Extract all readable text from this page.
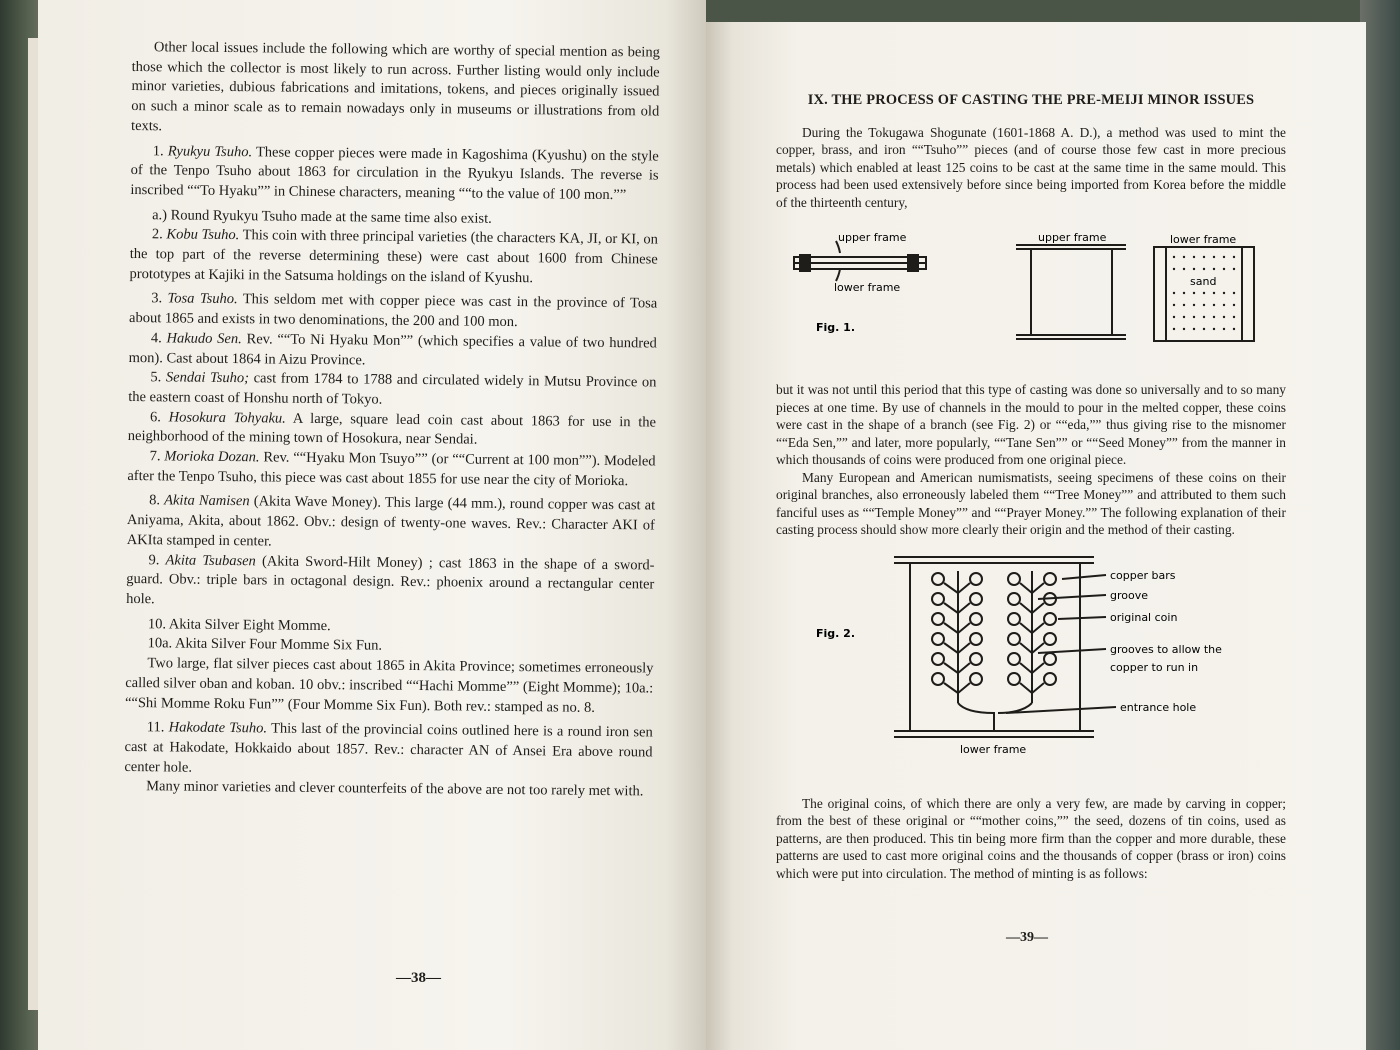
Other local issues include the following which are worthy of special mention as being those which the collector is most likely to run across. Further listing would only include minor varieties, dubious fabrications and imitations, tokens, and pieces originally issued on such a minor scale as to remain nowadays only in museums or illustrations from old texts.

1. Ryukyu Tsuho. These copper pieces were made in Kagoshima (Kyushu) on the style of the Tenpo Tsuho about 1863 for circulation in the Ryukyu Islands. The reverse is inscribed ““To Hyaku”” in Chinese characters, meaning ““to the value of 100 mon.””

a.) Round Ryukyu Tsuho made at the same time also exist.

2. Kobu Tsuho. This coin with three principal varieties (the characters KA, JI, or KI, on the top part of the reverse determining these) were cast about 1600 from Chinese prototypes at Kajiki in the Satsuma holdings on the island of Kyushu.

3. Tosa Tsuho. This seldom met with copper piece was cast in the province of Tosa about 1865 and exists in two denominations, the 200 and 100 mon.

4. Hakudo Sen. Rev. ““To Ni Hyaku Mon”” (which specifies a value of two hundred mon). Cast about 1864 in Aizu Province.

5. Sendai Tsuho; cast from 1784 to 1788 and circulated widely in Mutsu Province on the eastern coast of Honshu north of Tokyo.

6. Hosokura Tohyaku. A large, square lead coin cast about 1863 for use in the neighborhood of the mining town of Hosokura, near Sendai.

7. Morioka Dozan. Rev. ““Hyaku Mon Tsuyo”” (or ““Current at 100 mon””). Modeled after the Tenpo Tsuho, this piece was cast about 1855 for use near the city of Morioka.

8. Akita Namisen (Akita Wave Money). This large (44 mm.), round copper was cast at Aniyama, Akita, about 1862. Obv.: design of twenty-one waves. Rev.: Character AKI of AKIta stamped in center.

9. Akita Tsubasen (Akita Sword-Hilt Money) ; cast 1863 in the shape of a sword-guard. Obv.: triple bars in octagonal design. Rev.: phoenix around a rectangular center hole.

10. Akita Silver Eight Momme.

10a. Akita Silver Four Momme Six Fun.

Two large, flat silver pieces cast about 1865 in Akita Province; sometimes erroneously called silver oban and koban. 10 obv.: inscribed ““Hachi Momme”” (Eight Momme); 10a.: ““Shi Momme Roku Fun”” (Four Momme Six Fun). Both rev.: stamped as no. 8.

11. Hakodate Tsuho. This last of the provincial coins outlined here is a round iron sen cast at Hakodate, Hokkaido about 1857. Rev.: character AN of Ansei Era above round center hole.

Many minor varieties and clever counterfeits of the above are not too rarely met with.

—38—

IX. THE PROCESS OF CASTING THE PRE-MEIJI MINOR ISSUES

During the Tokugawa Shogunate (1601-1868 A. D.), a method was used to mint the copper, brass, and iron ““Tsuho”” pieces (and of course those few cast in more precious metals) which enabled at least 125 coins to be cast at the same time in the same mould. This process had been used extensively before since being imported from Korea before the middle of the thirteenth century,

upper frame
lower frame
upper frame	lower frame
sand
Fig. 1.

but it was not until this period that this type of casting was done so universally and to so many pieces at one time. By use of channels in the mould to pour in the melted copper, these coins were cast in the shape of a branch (see Fig. 2) or ““eda,”” thus giving rise to the misnomer ““Eda Sen,”” and later, more popularly, ““Tane Sen”” or ““Seed Money”” from the manner in which thousands of coins were produced from one original piece.

Many European and American numismatists, seeing specimens of these coins on their original branches, also erroneously labeled them ““Tree Money”” and attributed to them such fanciful uses as ““Temple Money”” and ““Prayer Money.”” The following explanation of their casting process should show more clearly their origin and the method of their casting.

Fig. 2.
copper bars
groove
original coin
grooves to allow the
copper to run in
entrance hole
lower frame

The original coins, of which there are only a very few, are made by carving in copper; from the best of these original or ““mother coins,”” the seed, dozens of tin coins, used as patterns, are then produced. This tin being more firm than the copper and more durable, these patterns are used to cast more original coins and the thousands of copper (brass or iron) coins which were put into circulation. The method of minting is as follows:

—39—
